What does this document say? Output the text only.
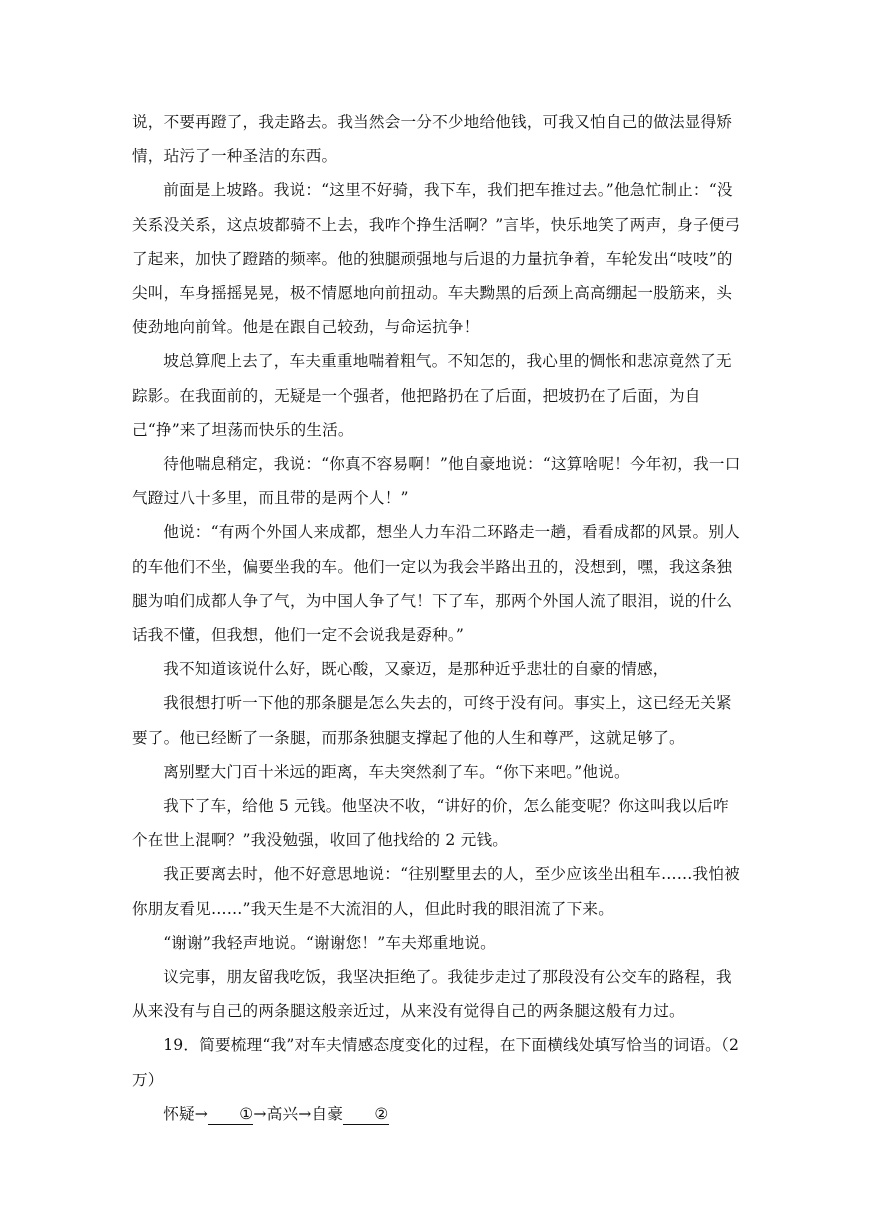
说，不要再蹬了，我走路去。我当然会一分不少地给他钱，可我又怕自己的做法显得矫情，玷污了一种圣洁的东西。

前面是上坡路。我说：“这里不好骑，我下车，我们把车推过去。”他急忙制止：“没关系没关系，这点坡都骑不上去，我咋个挣生活啊？”言毕，快乐地笑了两声，身子便弓了起来，加快了蹬踏的频率。他的独腿顽强地与后退的力量抗争着，车轮发出“吱吱”的尖叫，车身摇摇晃晃，极不情愿地向前扭动。车夫黝黑的后颈上高高绷起一股筋来，头使劲地向前耸。他是在跟自己较劲，与命运抗争！

坡总算爬上去了，车夫重重地喘着粗气。不知怎的，我心里的惆怅和悲凉竟然了无踪影。在我面前的，无疑是一个强者，他把路扔在了后面，把坡扔在了后面，为自己“挣”来了坦荡而快乐的生活。

待他喘息稍定，我说：“你真不容易啊！”他自豪地说：“这算啥呢！今年初，我一口气蹬过八十多里，而且带的是两个人！”

他说：“有两个外国人来成都，想坐人力车沿二环路走一趟，看看成都的风景。别人的车他们不坐，偏要坐我的车。他们一定以为我会半路出丑的，没想到，嘿，我这条独腿为咱们成都人争了气，为中国人争了气！下了车，那两个外国人流了眼泪，说的什么话我不懂，但我想，他们一定不会说我是孬种。”

我不知道该说什么好，既心酸，又豪迈，是那种近乎悲壮的自豪的情感，

我很想打听一下他的那条腿是怎么失去的，可终于没有问。事实上，这已经无关紧要了。他已经断了一条腿，而那条独腿支撑起了他的人生和尊严，这就足够了。

离别墅大门百十米远的距离，车夫突然刹了车。“你下来吧。”他说。

我下了车，给他 5 元钱。他坚决不收，“讲好的价，怎么能变呢？你这叫我以后咋个在世上混啊？”我没勉强，收回了他找给的 2 元钱。

我正要离去时，他不好意思地说：“往别墅里去的人，至少应该坐出租车……我怕被你朋友看见……”我天生是不大流泪的人，但此时我的眼泪流了下来。

“谢谢”我轻声地说。“谢谢您！”车夫郑重地说。

议完事，朋友留我吃饭，我坚决拒绝了。我徒步走过了那段没有公交车的路程，我从来没有与自己的两条腿这般亲近过，从来没有觉得自己的两条腿这般有力过。

19．简要梳理“我”对车夫情感态度变化的过程，在下面横线处填写恰当的词语。（2万）

怀疑→ ①→高兴→自豪 ②
